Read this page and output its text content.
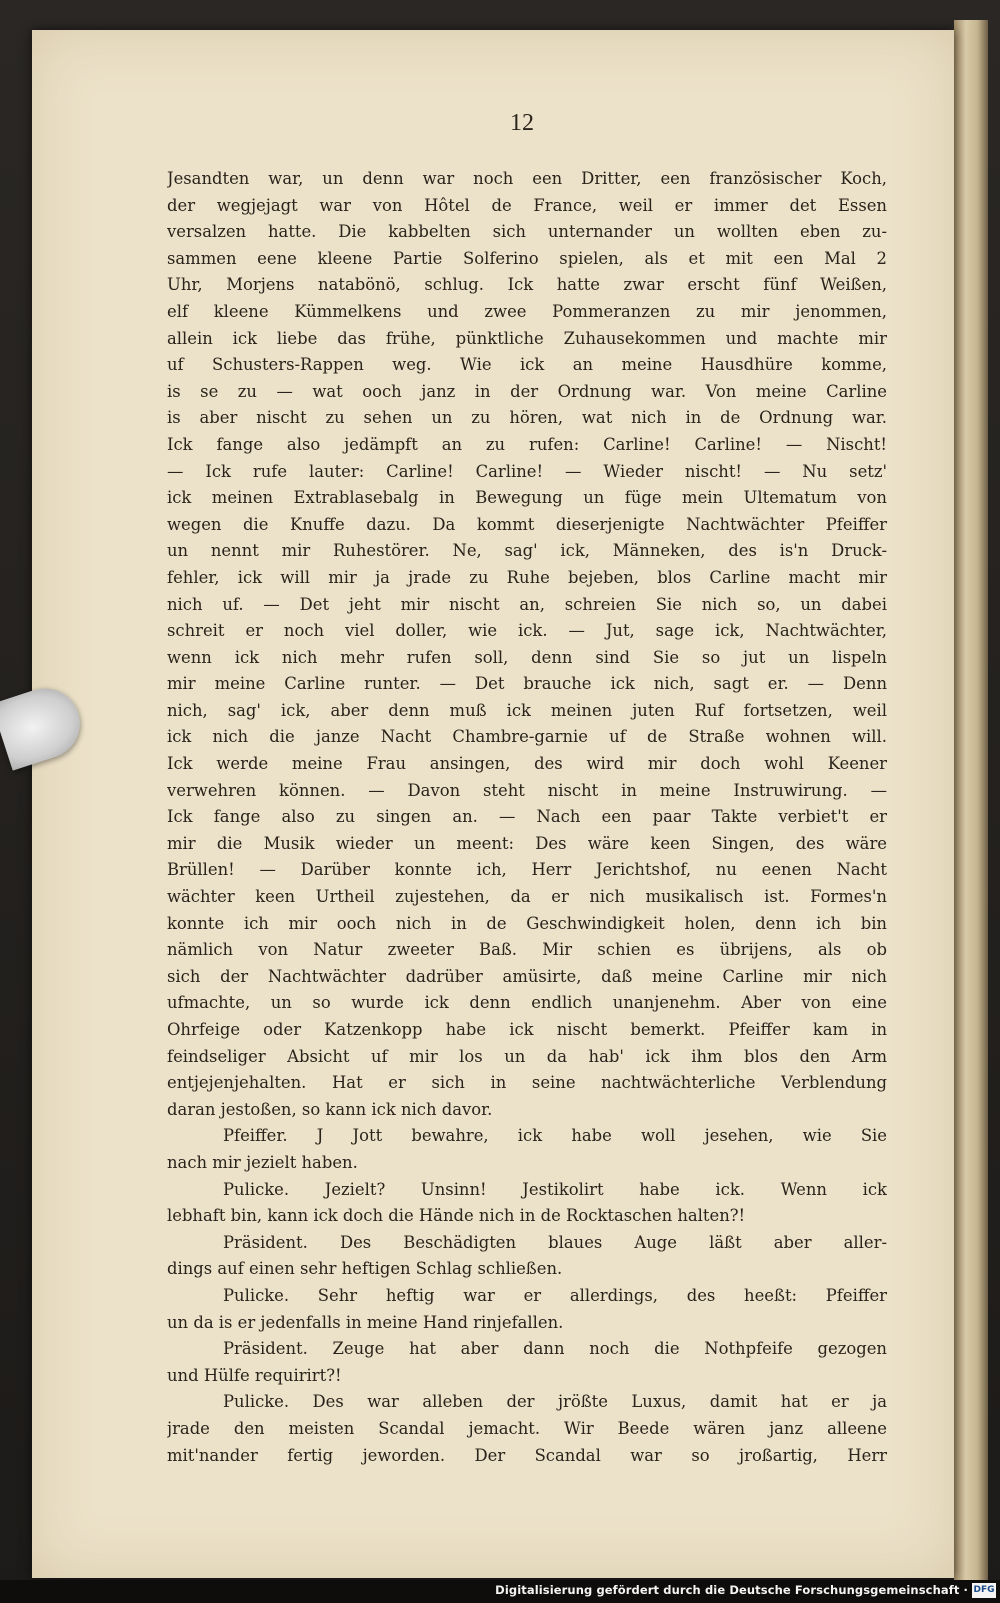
12
Jesandten war, un denn war noch een Dritter, een französischer Koch,
der wegjejagt war von Hôtel de France, weil er immer det Essen
versalzen hatte. Die kabbelten sich unternander un wollten eben zu-
sammen eene kleene Partie Solferino spielen, als et mit een Mal 2
Uhr, Morjens natabönö, schlug. Ick hatte zwar erscht fünf Weißen,
elf kleene Kümmelkens und zwee Pommeranzen zu mir jenommen,
allein ick liebe das frühe, pünktliche Zuhausekommen und machte mir
uf Schusters-Rappen weg. Wie ick an meine Hausdhüre komme,
is se zu — wat ooch janz in der Ordnung war. Von meine Carline
is aber nischt zu sehen un zu hören, wat nich in de Ordnung war.
Ick fange also jedämpft an zu rufen: Carline! Carline! — Nischt!
— Ick rufe lauter: Carline! Carline! — Wieder nischt! — Nu setz'
ick meinen Extrablasebalg in Bewegung un füge mein Ultematum von
wegen die Knuffe dazu. Da kommt dieserjenigte Nachtwächter Pfeiffer
un nennt mir Ruhestörer. Ne, sag' ick, Männeken, des is'n Druck-
fehler, ick will mir ja jrade zu Ruhe bejeben, blos Carline macht mir
nich uf. — Det jeht mir nischt an, schreien Sie nich so, un dabei
schreit er noch viel doller, wie ick. — Jut, sage ick, Nachtwächter,
wenn ick nich mehr rufen soll, denn sind Sie so jut un lispeln
mir meine Carline runter. — Det brauche ick nich, sagt er. — Denn
nich, sag' ick, aber denn muß ick meinen juten Ruf fortsetzen, weil
ick nich die janze Nacht Chambre-garnie uf de Straße wohnen will.
Ick werde meine Frau ansingen, des wird mir doch wohl Keener
verwehren können. — Davon steht nischt in meine Instruwirung. —
Ick fange also zu singen an. — Nach een paar Takte verbiet't er
mir die Musik wieder un meent: Des wäre keen Singen, des wäre
Brüllen! — Darüber konnte ich, Herr Jerichtshof, nu eenen Nacht
wächter keen Urtheil zujestehen, da er nich musikalisch ist. Formes'n
konnte ich mir ooch nich in de Geschwindigkeit holen, denn ich bin
nämlich von Natur zweeter Baß. Mir schien es übrijens, als ob
sich der Nachtwächter dadrüber amüsirte, daß meine Carline mir nich
ufmachte, un so wurde ick denn endlich unanjenehm. Aber von eine
Ohrfeige oder Katzenkopp habe ick nischt bemerkt. Pfeiffer kam in
feindseliger Absicht uf mir los un da hab' ick ihm blos den Arm
entjejenjehalten. Hat er sich in seine nachtwächterliche Verblendung
daran jestoßen, so kann ick nich davor.
Pfeiffer. J Jott bewahre, ick habe woll jesehen, wie Sie
nach mir jezielt haben.
Pulicke. Jezielt? Unsinn! Jestikolirt habe ick. Wenn ick
lebhaft bin, kann ick doch die Hände nich in de Rocktaschen halten?!
Präsident. Des Beschädigten blaues Auge läßt aber aller-
dings auf einen sehr heftigen Schlag schließen.
Pulicke. Sehr heftig war er allerdings, des heeßt: Pfeiffer
un da is er jedenfalls in meine Hand rinjefallen.
Präsident. Zeuge hat aber dann noch die Nothpfeife gezogen
und Hülfe requirirt?!
Pulicke. Des war alleben der jrößte Luxus, damit hat er ja
jrade den meisten Scandal jemacht. Wir Beede wären janz alleene
mit'nander fertig jeworden. Der Scandal war so jroßartig, Herr
Digitalisierung gefördert durch die Deutsche Forschungsgemeinschaft · DFG
